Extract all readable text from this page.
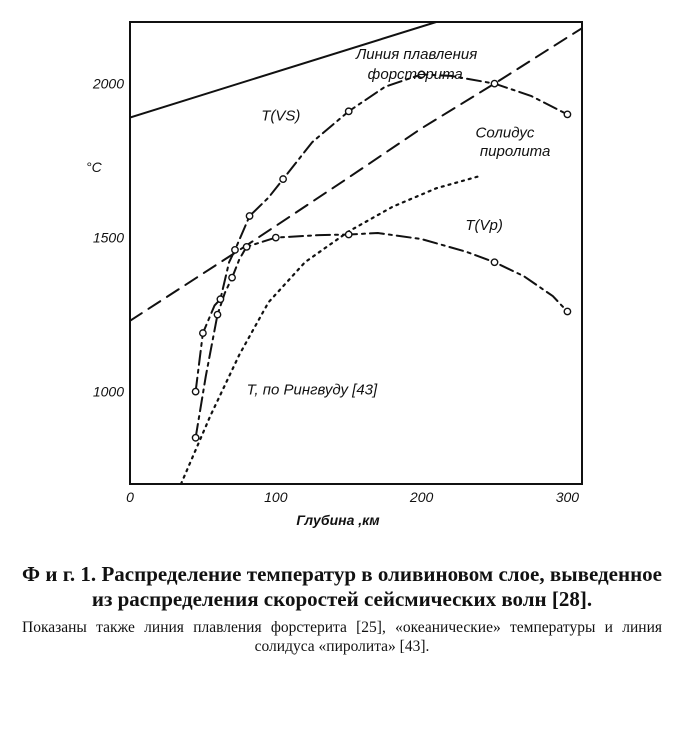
0	100	200	300
1000
1500
2000
Линия плавления
форстерита
T(VS)
Солидус
пиролита
T(Vp)
T, по Рингвуду [43]
°С
Глубина ,км

Ф и г. 1. Распределение температур в оливиновом слое, выведенное из распределения скоростей сейсмических волн [28].

Показаны также линия плавления форстерита [25], «океанические» температуры и линия солидуса «пиролита» [43].
